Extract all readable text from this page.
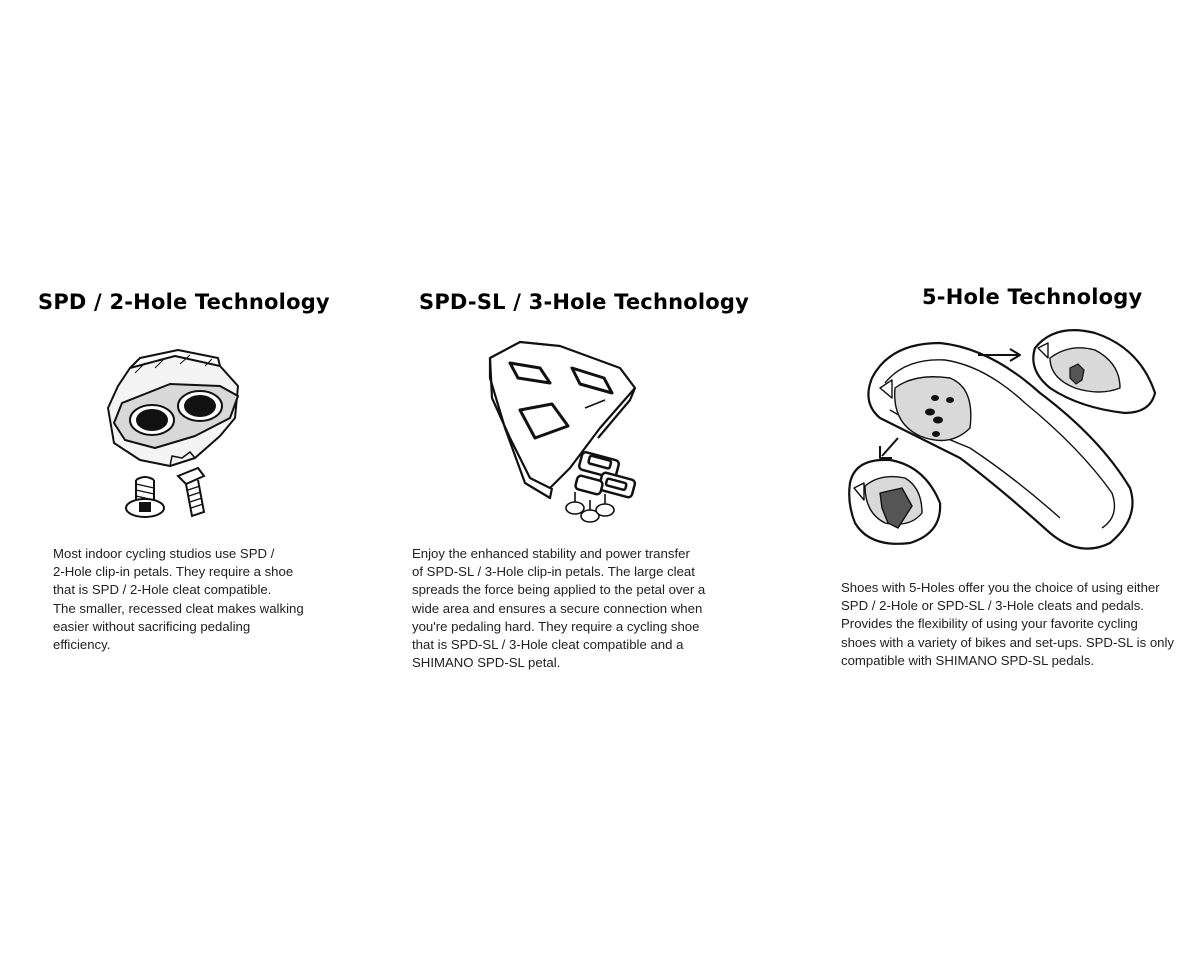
SPD / 2-Hole Technology

Most indoor cycling studios use SPD /
2-Hole clip-in petals. They require a shoe
that is SPD / 2-Hole cleat compatible.
The smaller, recessed cleat makes walking
easier without sacrificing pedaling
efficiency.

SPD-SL / 3-Hole Technology

Enjoy the enhanced stability and power transfer
of SPD-SL / 3-Hole clip-in petals. The large cleat
spreads the force being applied to the petal over a
wide area and ensures a secure connection when
you're pedaling hard. They require a cycling shoe
that is SPD-SL / 3-Hole cleat compatible and a
SHIMANO SPD-SL petal.

5-Hole Technology

Shoes with 5-Holes offer you the choice of using either
SPD / 2-Hole or SPD-SL / 3-Hole cleats and pedals.
Provides the flexibility of using your favorite cycling
shoes with a variety of bikes and set-ups. SPD-SL is only
compatible with SHIMANO SPD-SL pedals.
